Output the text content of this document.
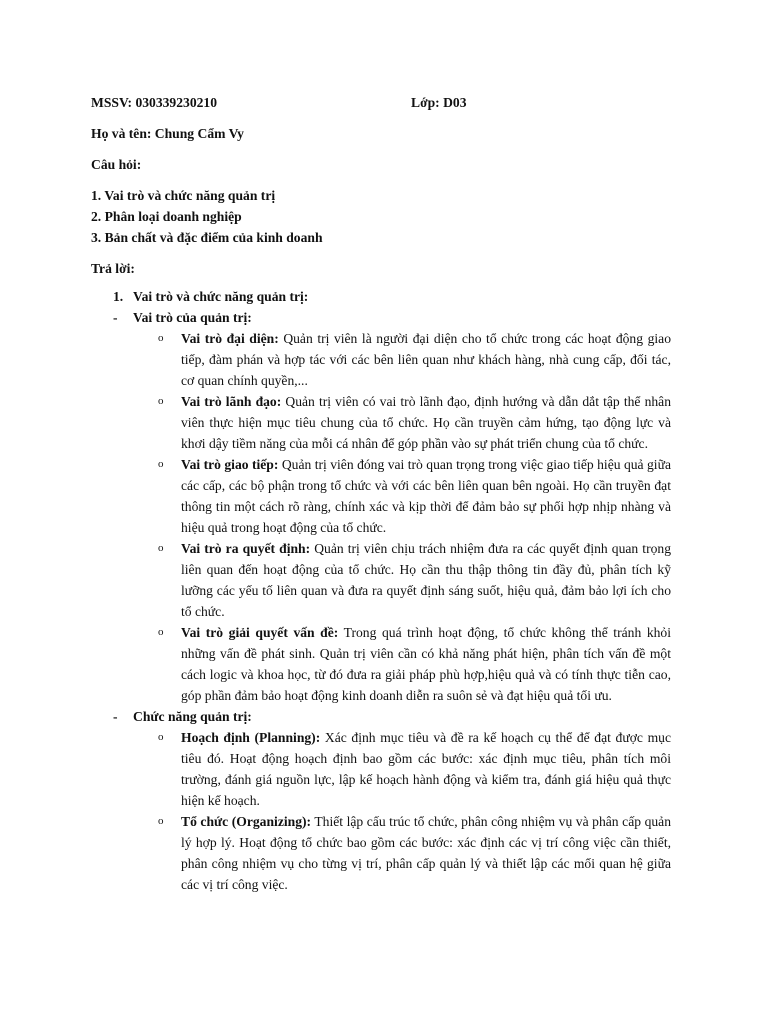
MSSV: 030339230210	Lớp: D03

Họ và tên: Chung Cẩm Vy

Câu hỏi:

1. Vai trò và chức năng quản trị

2. Phân loại doanh nghiệp

3. Bản chất và đặc điểm của kinh doanh

Trả lời:

1. Vai trò và chức năng quản trị:
- Vai trò của quản trị:
o Vai trò đại diện: Quản trị viên là người đại diện cho tổ chức trong các hoạt động giao tiếp, đàm phán và hợp tác với các bên liên quan như khách hàng, nhà cung cấp, đối tác, cơ quan chính quyền,...
o Vai trò lãnh đạo: Quản trị viên có vai trò lãnh đạo, định hướng và dẫn dắt tập thể nhân viên thực hiện mục tiêu chung của tổ chức. Họ cần truyền cảm hứng, tạo động lực và khơi dậy tiềm năng của mỗi cá nhân để góp phần vào sự phát triển chung của tổ chức.
o Vai trò giao tiếp: Quản trị viên đóng vai trò quan trọng trong việc giao tiếp hiệu quả giữa các cấp, các bộ phận trong tổ chức và với các bên liên quan bên ngoài. Họ cần truyền đạt thông tin một cách rõ ràng, chính xác và kịp thời để đảm bảo sự phối hợp nhịp nhàng và hiệu quả trong hoạt động của tổ chức.
o Vai trò ra quyết định: Quản trị viên chịu trách nhiệm đưa ra các quyết định quan trọng liên quan đến hoạt động của tổ chức. Họ cần thu thập thông tin đầy đủ, phân tích kỹ lưỡng các yếu tố liên quan và đưa ra quyết định sáng suốt, hiệu quả, đảm bảo lợi ích cho tổ chức.
o Vai trò giải quyết vấn đề: Trong quá trình hoạt động, tổ chức không thể tránh khỏi những vấn đề phát sinh. Quản trị viên cần có khả năng phát hiện, phân tích vấn đề một cách logic và khoa học, từ đó đưa ra giải pháp phù hợp,hiệu quả và có tính thực tiễn cao, góp phần đảm bảo hoạt động kinh doanh diễn ra suôn sẻ và đạt hiệu quả tối ưu.
- Chức năng quản trị:
o Hoạch định (Planning): Xác định mục tiêu và đề ra kế hoạch cụ thể để đạt được mục tiêu đó. Hoạt động hoạch định bao gồm các bước: xác định mục tiêu, phân tích môi trường, đánh giá nguồn lực, lập kế hoạch hành động và kiểm tra, đánh giá hiệu quả thực hiện kế hoạch.
o Tổ chức (Organizing): Thiết lập cấu trúc tổ chức, phân công nhiệm vụ và phân cấp quản lý hợp lý. Hoạt động tổ chức bao gồm các bước: xác định các vị trí công việc cần thiết, phân công nhiệm vụ cho từng vị trí, phân cấp quản lý và thiết lập các mối quan hệ giữa các vị trí công việc.
